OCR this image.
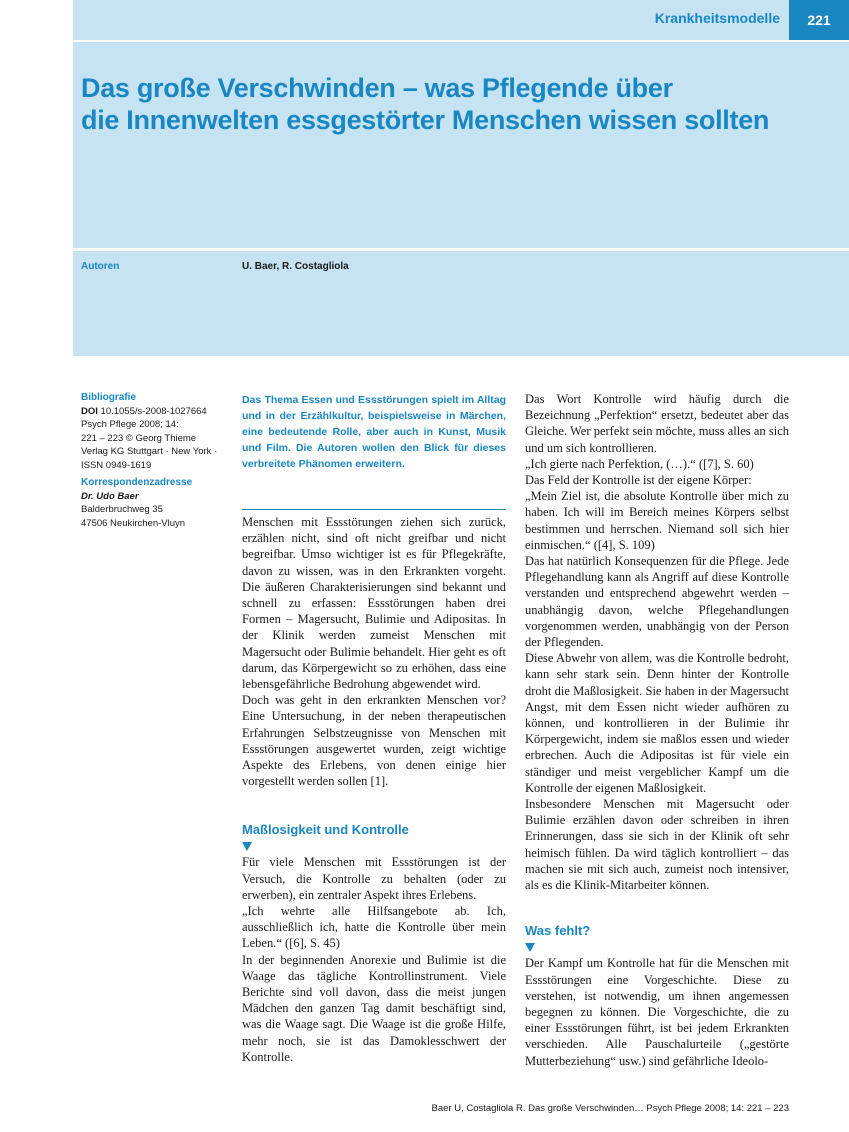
Krankheitsmodelle	221
Das große Verschwinden – was Pflegende über
die Innenwelten essgestörter Menschen wissen sollten
Autoren	U. Baer, R. Costagliola
Bibliografie
DOI 10.1055/s-2008-1027664
Psych Pflege 2008; 14:
221 – 223 © Georg Thieme
Verlag KG Stuttgart · New York ·
ISSN 0949-1619
Korrespondenzadresse
Dr. Udo Baer
Balderbruchweg 35
47506 Neukirchen-Vluyn

Das Thema Essen und Essstörungen spielt im Alltag und in der Erzählkultur, beispielsweise in Märchen, eine bedeutende Rolle, aber auch in Kunst, Musik und Film. Die Autoren wollen den Blick für dieses verbreitete Phänomen erweitern.

Menschen mit Essstörungen ziehen sich zurück, erzählen nicht, sind oft nicht greifbar und nicht begreifbar. Umso wichtiger ist es für Pflegekräfte, davon zu wissen, was in den Erkrankten vorgeht. Die äußeren Charakterisierungen sind bekannt und schnell zu erfassen: Essstörungen haben drei Formen – Magersucht, Bulimie und Adipositas. In der Klinik werden zumeist Menschen mit Magersucht oder Bulimie behandelt. Hier geht es oft darum, das Körpergewicht so zu erhöhen, dass eine lebensgefährliche Bedrohung abgewendet wird.

Doch was geht in den erkrankten Menschen vor? Eine Untersuchung, in der neben therapeutischen Erfahrungen Selbstzeugnisse von Menschen mit Essstörungen ausgewertet wurden, zeigt wichtige Aspekte des Erlebens, von denen einige hier vorgestellt werden sollen [1].

Maßlosigkeit und Kontrolle

Für viele Menschen mit Essstörungen ist der Versuch, die Kontrolle zu behalten (oder zu erwerben), ein zentraler Aspekt ihres Erlebens.

„Ich wehrte alle Hilfsangebote ab. Ich, ausschließlich ich, hatte die Kontrolle über mein Leben.“ ([6], S. 45)

In der beginnenden Anorexie und Bulimie ist die Waage das tägliche Kontrollinstrument. Viele Berichte sind voll davon, dass die meist jungen Mädchen den ganzen Tag damit beschäftigt sind, was die Waage sagt. Die Waage ist die große Hilfe, mehr noch, sie ist das Damoklesschwert der Kontrolle.

Das Wort Kontrolle wird häufig durch die Bezeichnung „Perfektion“ ersetzt, bedeutet aber das Gleiche. Wer perfekt sein möchte, muss alles an sich und um sich kontrollieren.

„Ich gierte nach Perfektion, (…).“ ([7], S. 60)

Das Feld der Kontrolle ist der eigene Körper:

„Mein Ziel ist, die absolute Kontrolle über mich zu haben. Ich will im Bereich meines Körpers selbst bestimmen und herrschen. Niemand soll sich hier einmischen.“ ([4], S. 109)

Das hat natürlich Konsequenzen für die Pflege. Jede Pflegehandlung kann als Angriff auf diese Kontrolle verstanden und entsprechend abgewehrt werden – unabhängig davon, welche Pflegehandlungen vorgenommen werden, unabhängig von der Person der Pflegenden.

Diese Abwehr von allem, was die Kontrolle bedroht, kann sehr stark sein. Denn hinter der Kontrolle droht die Maßlosigkeit. Sie haben in der Magersucht Angst, mit dem Essen nicht wieder aufhören zu können, und kontrollieren in der Bulimie ihr Körpergewicht, indem sie maßlos essen und wieder erbrechen. Auch die Adipositas ist für viele ein ständiger und meist vergeblicher Kampf um die Kontrolle der eigenen Maßlosigkeit.

Insbesondere Menschen mit Magersucht oder Bulimie erzählen davon oder schreiben in ihren Erinnerungen, dass sie sich in der Klinik oft sehr heimisch fühlen. Da wird täglich kontrolliert – das machen sie mit sich auch, zumeist noch intensiver, als es die Klinik-Mitarbeiter können.

Was fehlt?

Der Kampf um Kontrolle hat für die Menschen mit Essstörungen eine Vorgeschichte. Diese zu verstehen, ist notwendig, um ihnen angemessen begegnen zu können. Die Vorgeschichte, die zu einer Essstörungen führt, ist bei jedem Erkrankten verschieden. Alle Pauschalurteile („gestörte Mutterbeziehung“ usw.) sind gefährliche Ideolo-

Baer U, Costagliola R. Das große Verschwinden… Psych Pflege 2008; 14: 221 – 223
